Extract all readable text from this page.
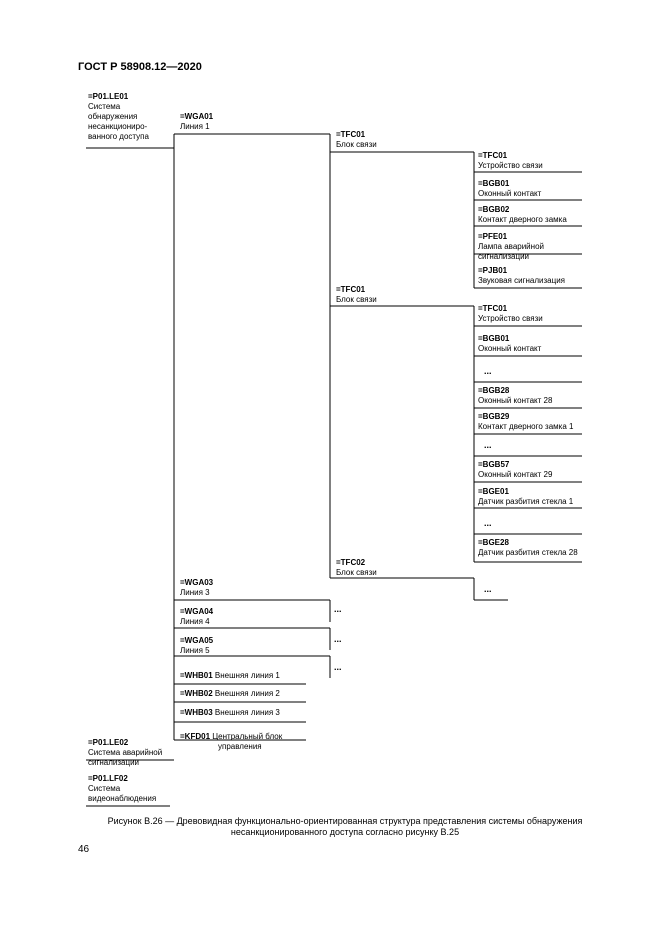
ГОСТ Р 58908.12—2020
=P01.LE01
Система
обнаружения
несанкциониро-
ванного доступа
=WGA01
Линия 1
=TFC01
Блок связи
=TFC01
Устройство связи
=BGB01
Оконный контакт
=BGB02
Контакт дверного замка
=PFE01
Лампа аварийной
сигнализации
=PJB01
Звуковая сигнализация
=TFC01
Блок связи
=TFC01
Устройство связи
=BGB01
Оконный контакт
...
=BGB28
Оконный контакт 28
=BGB29
Контакт дверного замка 1
...
=BGB57
Оконный контакт 29
=BGE01
Датчик разбития стекла 1
...
=BGE28
Датчик разбития стекла 28
=TFC02
Блок связи
...
=WGA03
Линия 3
...
=WGA04
Линия 4
...
=WGA05
Линия 5
...
=WHB01 Внешняя линия 1
=WHB02 Внешняя линия 2
=WHB03 Внешняя линия 3
=KFD01 Центральный блок
управления
=P01.LE02
Система аварийной
сигнализации
=P01.LF02
Система
видеонаблюдения
Рисунок В.26 — Древовидная функционально-ориентированная структура представления системы обнаружения несанкционированного доступа согласно рисунку В.25
46
